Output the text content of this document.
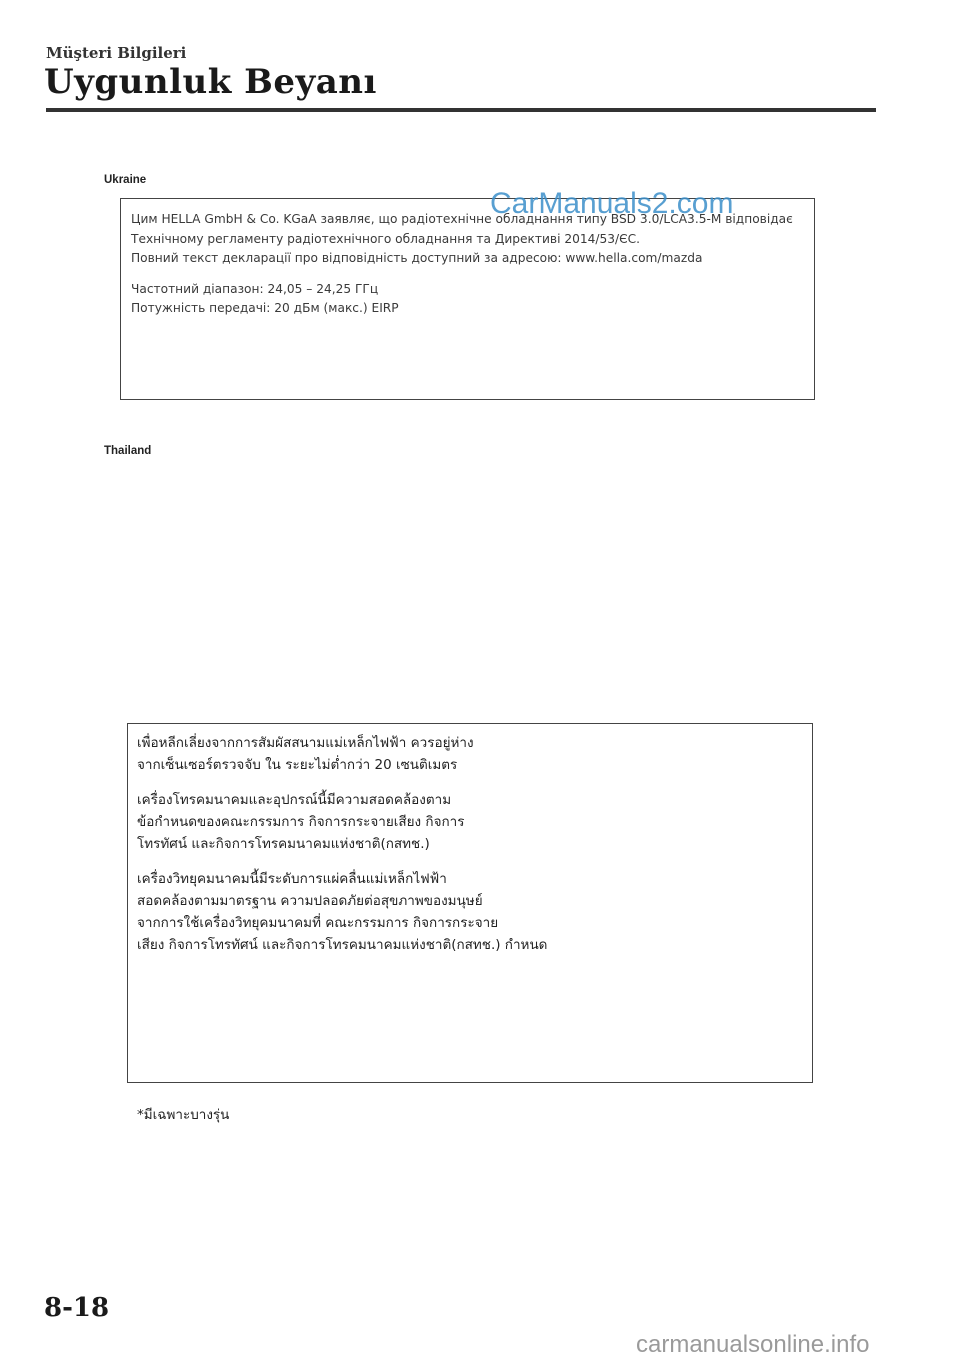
Müşteri Bilgileri
Uygunluk Beyanı
Ukraine

Цим HELLA GmbH & Co. KGaA заявляє, що радіотехнічне обладнання типу BSD 3.0/LCA3.5-M відповідає
Технічному регламенту радіотехнічного обладнання та Директиві 2014/53/ЄС.
Повний текст декларації про відповідність доступний за адресою: www.hella.com/mazda

Частотний діапазон: 24,05 – 24,25 ГГц
Потужність передачі: 20 дБм (макс.) EIRP

CarManuals2.com
Thailand

เพื่อหลีกเลี่ยงจากการสัมผัสสนามแม่เหล็กไฟฟ้า ควรอยู่ห่าง
จากเซ็นเซอร์ตรวจจับ ใน ระยะไม่ต่ำกว่า 20 เซนติเมตร

เครื่องโทรคมนาคมและอุปกรณ์นี้มีความสอดคล้องตาม
ข้อกำหนดของคณะกรรมการ กิจการกระจายเสียง กิจการ
โทรทัศน์ และกิจการโทรคมนาคมแห่งชาติ(กสทช.)

เครื่องวิทยุคมนาคมนี้มีระดับการแผ่คลื่นแม่เหล็กไฟฟ้า
สอดคล้องตามมาตรฐาน ความปลอดภัยต่อสุขภาพของมนุษย์
จากการใช้เครื่องวิทยุคมนาคมที่ คณะกรรมการ กิจการกระจาย
เสียง กิจการโทรทัศน์ และกิจการโทรคมนาคมแห่งชาติ(กสทช.) กำหนด

*มีเฉพาะบางรุ่น
8-18
carmanualsonline.info
